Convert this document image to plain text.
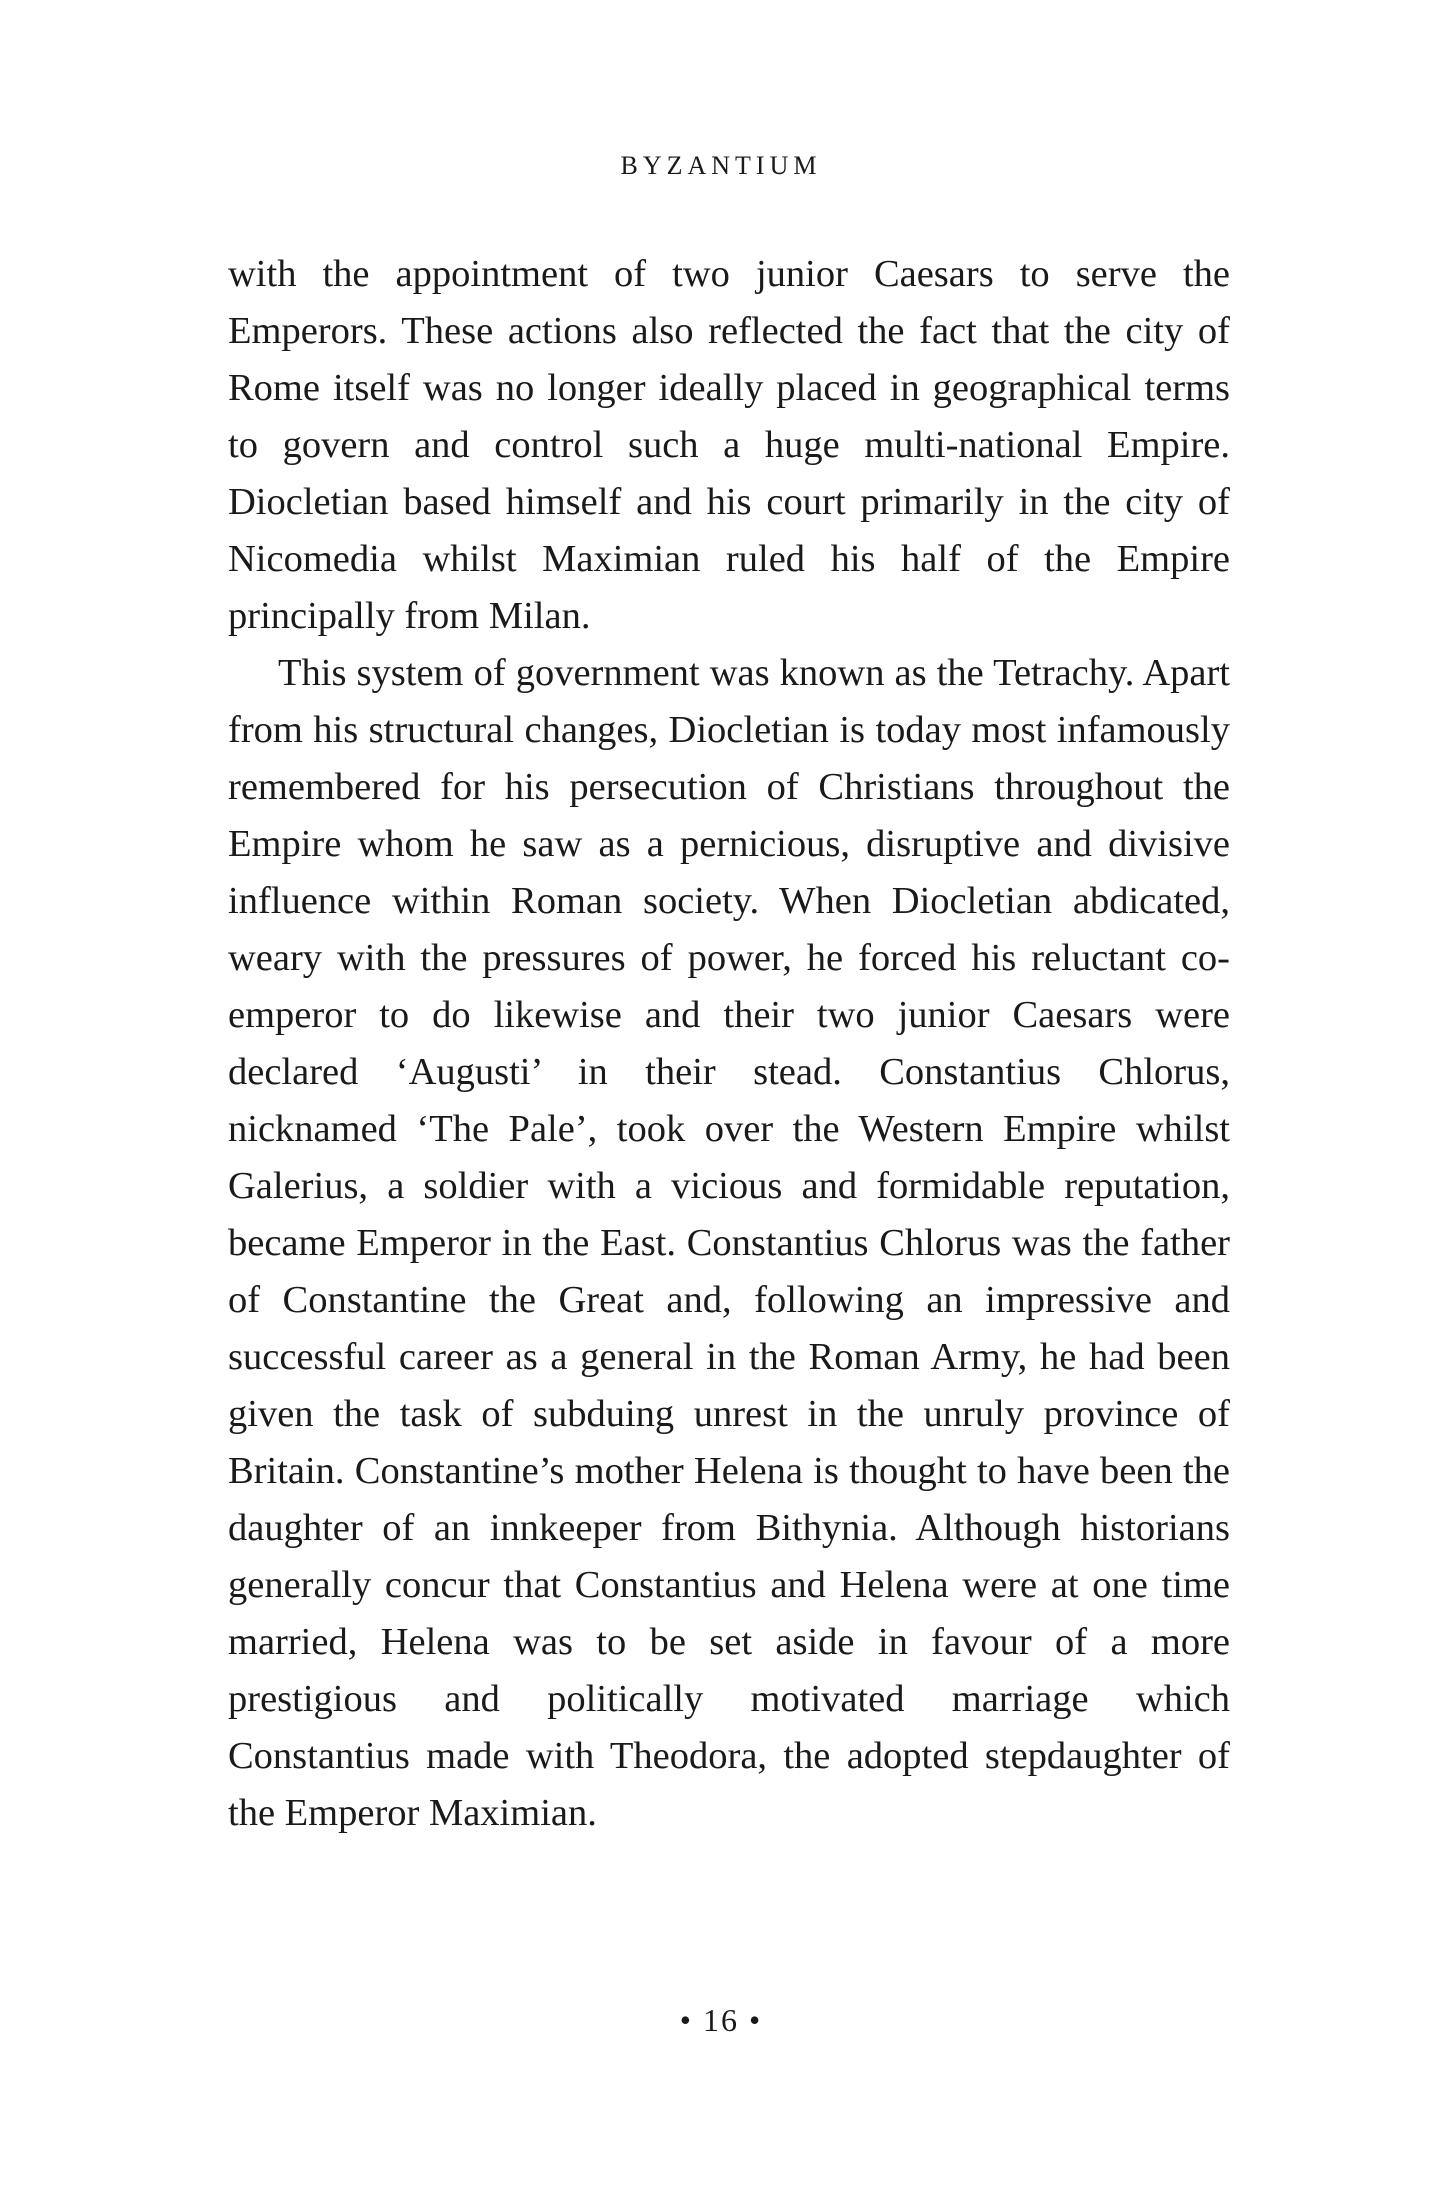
BYZANTIUM

with the appointment of two junior Caesars to serve the Emperors. These actions also reflected the fact that the city of Rome itself was no longer ideally placed in geographical terms to govern and control such a huge multi-national Empire. Diocletian based himself and his court primarily in the city of Nicomedia whilst Maximian ruled his half of the Empire principally from Milan.

This system of government was known as the Tetrachy. Apart from his structural changes, Diocletian is today most infamously remembered for his persecution of Christians throughout the Empire whom he saw as a pernicious, disruptive and divisive influence within Roman society. When Diocletian abdicated, weary with the pressures of power, he forced his reluctant co-emperor to do likewise and their two junior Caesars were declared ‘Augusti’ in their stead. Constantius Chlorus, nicknamed ‘The Pale’, took over the Western Empire whilst Galerius, a soldier with a vicious and formidable reputation, became Emperor in the East. Constantius Chlorus was the father of Constantine the Great and, following an impressive and successful career as a general in the Roman Army, he had been given the task of subduing unrest in the unruly province of Britain. Constantine’s mother Helena is thought to have been the daughter of an innkeeper from Bithynia. Although historians generally concur that Constantius and Helena were at one time married, Helena was to be set aside in favour of a more prestigious and politically motivated marriage which Constantius made with Theodora, the adopted stepdaughter of the Emperor Maximian.

• 16 •
